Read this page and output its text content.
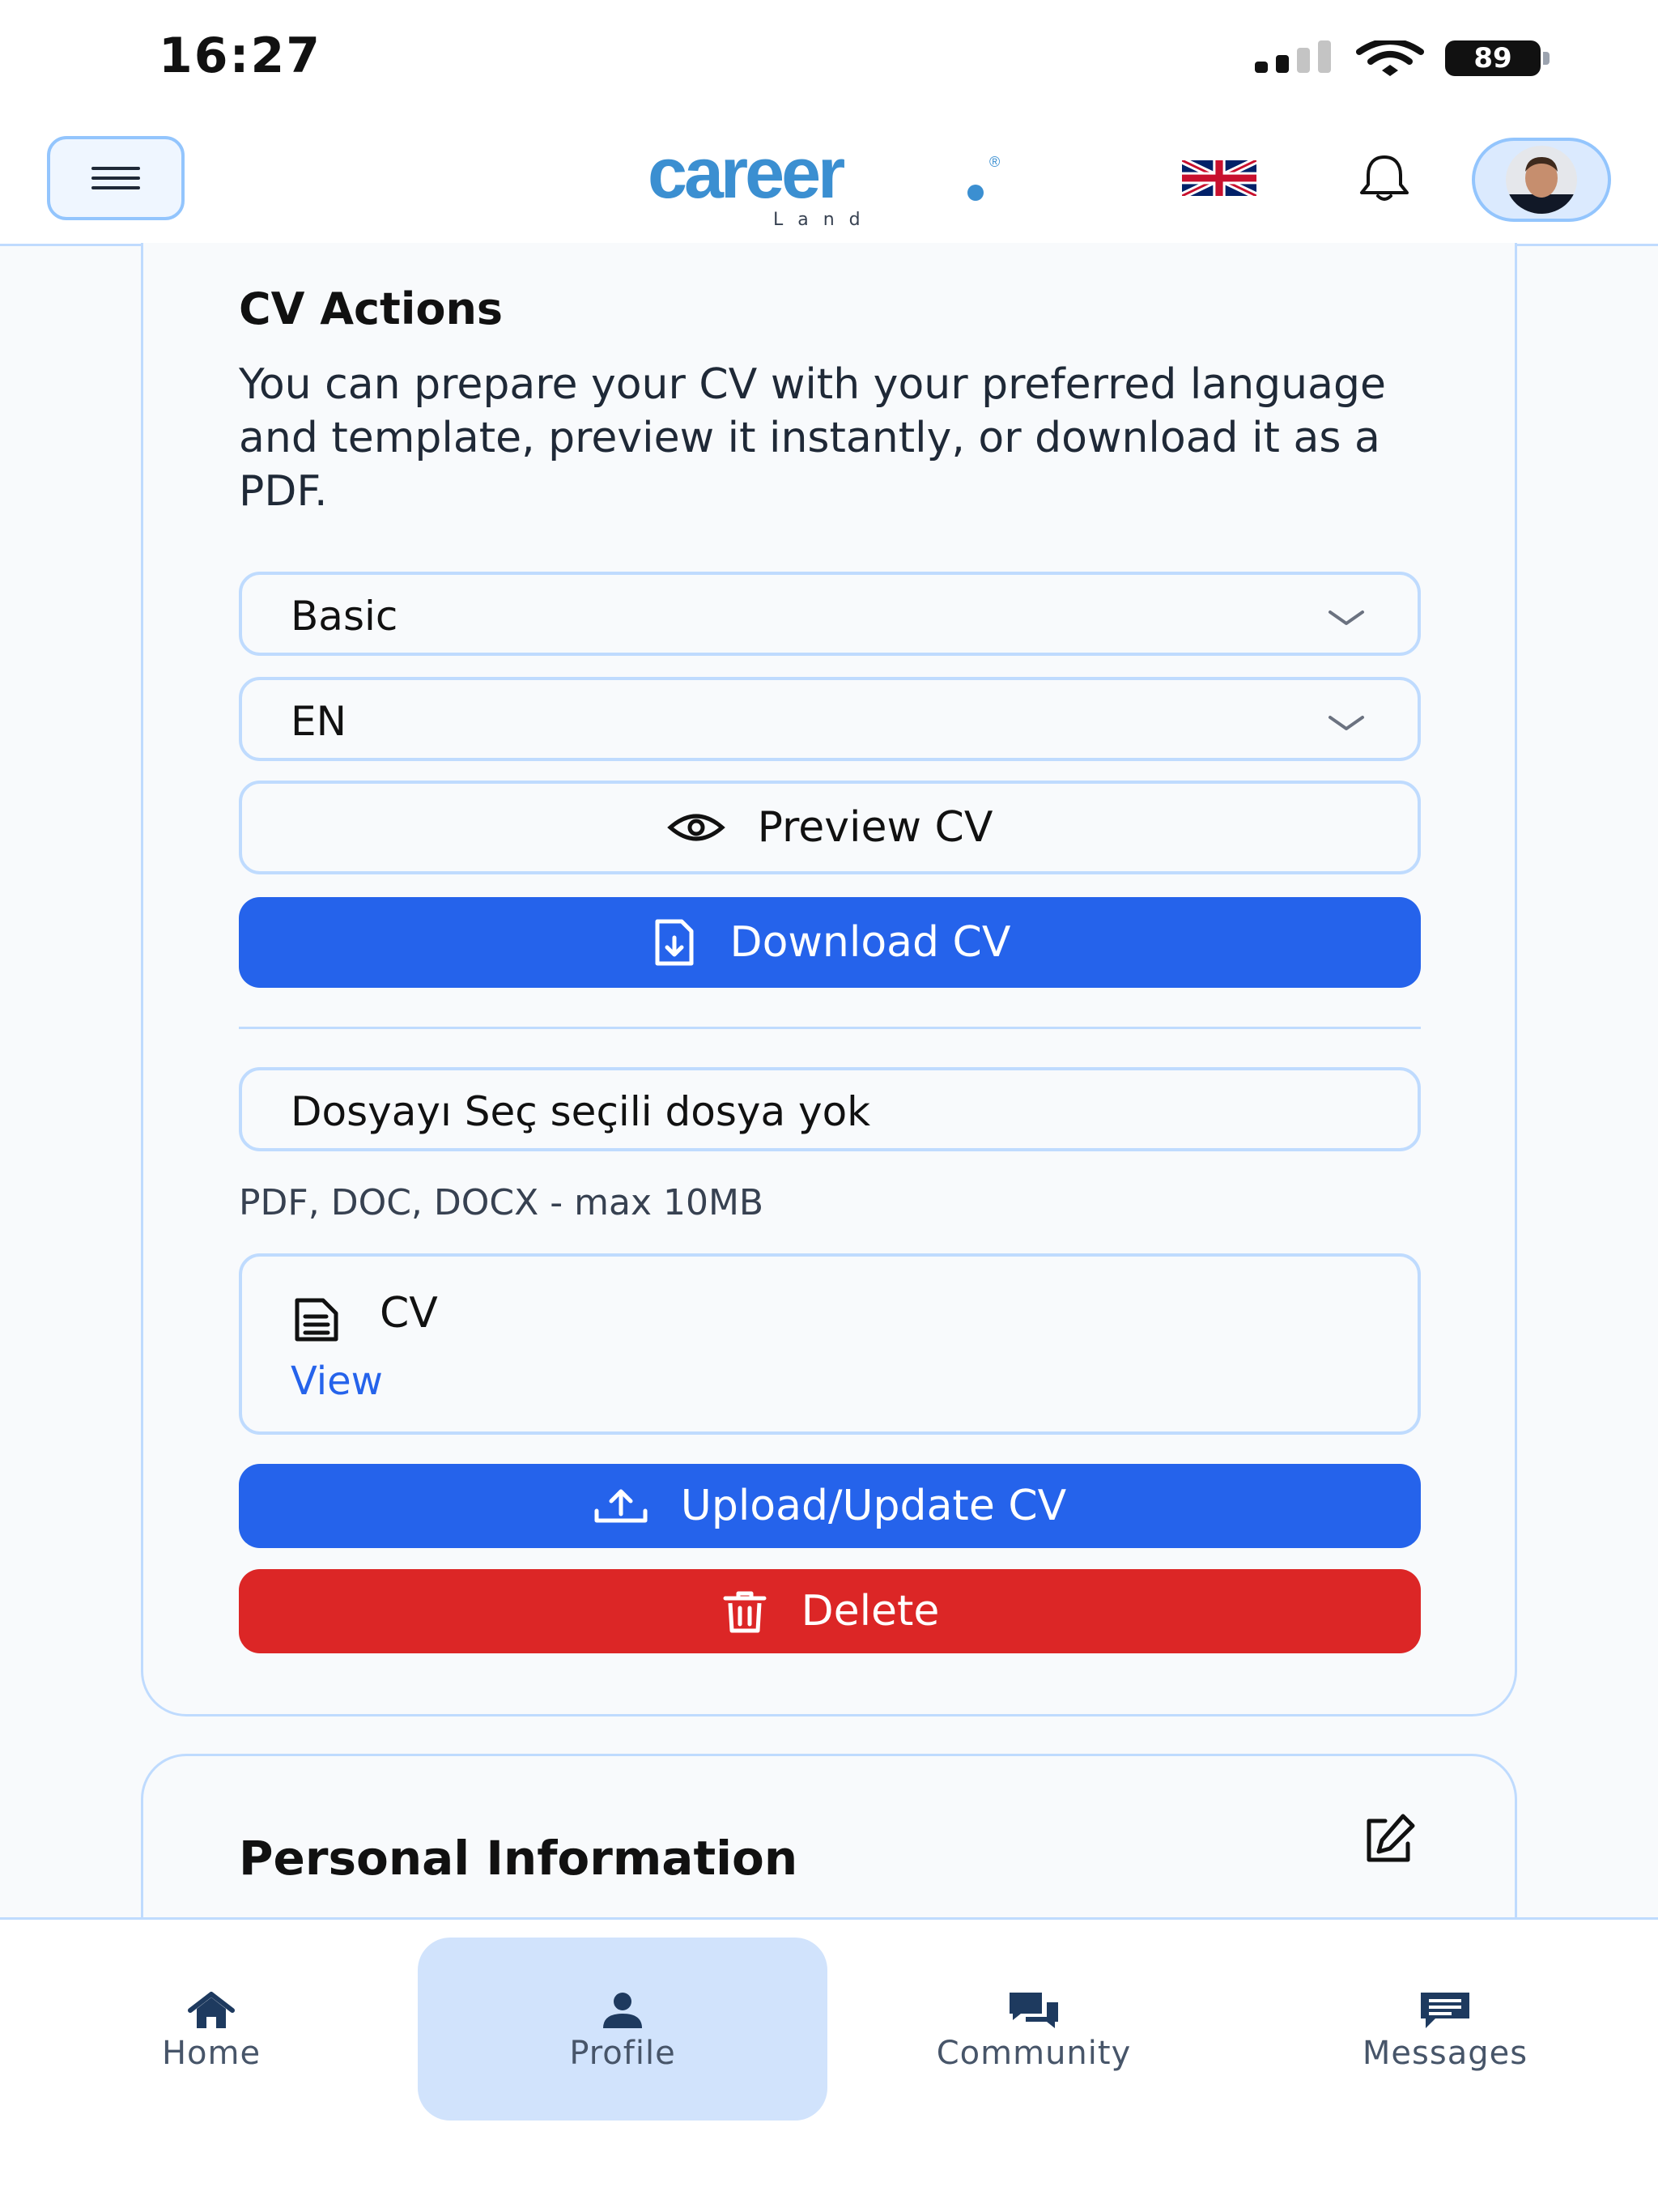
16:27	89
career	®
Land
CV Actions
You can prepare your CV with your preferred language and template, preview it instantly, or download it as a PDF.
Basic
EN
Preview CV
Download CV
Dosyayı Seç seçili dosya yok
PDF, DOC, DOCX - max 10MB
CV
View
Upload/Update CV
Delete
Personal Information
Home	Profile	Community	Messages
